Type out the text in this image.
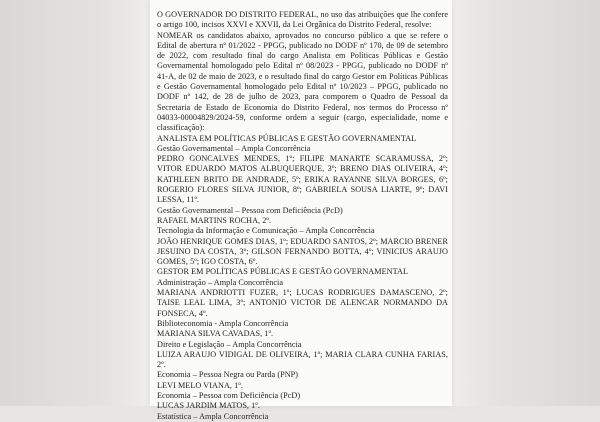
O GOVERNADOR DO DISTRITO FEDERAL, no uso das atribuições que lhe confere o artigo 100, incisos XXVI e XXVII, da Lei Orgânica do Distrito Federal, resolve:

NOMEAR os candidatos abaixo, aprovados no concurso público a que se refere o Edital de abertura nº 01/2022 - PPGG, publicado no DODF nº 170, de 09 de setembro de 2022, com resultado final do cargo Analista em Políticas Públicas e Gestão Governamental homologado pelo Edital nº 08/2023 - PPGG, publicado no DODF nº 41-A, de 02 de maio de 2023, e o resultado final do cargo Gestor em Políticas Públicas e Gestão Governamental homologado pelo Edital nº 10/2023 – PPGG, publicado no DODF nº 142, de 28 de julho de 2023, para comporem o Quadro de Pessoal da Secretaria de Estado de Economia do Distrito Federal, nos termos do Processo nº 04033-00004829/2024-59, conforme ordem a seguir (cargo, especialidade, nome e classificação):

ANALISTA EM POLÍTICAS PÚBLICAS E GESTÃO GOVERNAMENTAL

Gestão Governamental – Ampla Concorrência

PEDRO GONCALVES MENDES, 1º; FILIPE MANARTE SCARAMUSSA, 2º; VITOR EDUARDO MATOS ALBUQUERQUE, 3º; BRENO DIAS OLIVEIRA, 4º; KATHLEEN BRITO DE ANDRADE, 5º; ERIKA RAYANNE SILVA BORGES, 6º; ROGERIO FLORES SILVA JUNIOR, 8º; GABRIELA SOUSA LIARTE, 9º; DAVI LESSA, 11º.

Gestão Governamental – Pessoa com Deficiência (PcD)

RAFAEL MARTINS ROCHA, 2º.

Tecnologia da Informação e Comunicação – Ampla Concorrência

JOÃO HENRIQUE GOMES DIAS, 1º; EDUARDO SANTOS, 2º; MARCIO BRENER JESUINO DA COSTA, 3º; GILSON FERNANDO BOTTA, 4º; VINICIUS ARAUJO GOMES, 5º; IGO COSTA, 6º.

GESTOR EM POLÍTICAS PÚBLICAS E GESTÃO GOVERNAMENTAL

Administração – Ampla Concorrência

MARIANA ANDRIOTTI FUZER, 1º; LUCAS RODRIGUES DAMASCENO, 2º; TAISE LEAL LIMA, 3º; ANTONIO VICTOR DE ALENCAR NORMANDO DA FONSECA, 4º.

Biblioteconomia - Ampla Concorrência

MARIANA SILVA CAVADAS, 1º.

Direito e Legislação – Ampla Concorrência

LUIZA ARAUJO VIDIGAL DE OLIVEIRA, 1º; MARIA CLARA CUNHA FARIAS, 2º.

Economia – Pessoa Negra ou Parda (PNP)

LEVI MELO VIANA, 1º.

Economia – Pessoa com Deficiência (PcD)

LUCAS JARDIM MATOS, 1º.

Estatística – Ampla Concorrência
